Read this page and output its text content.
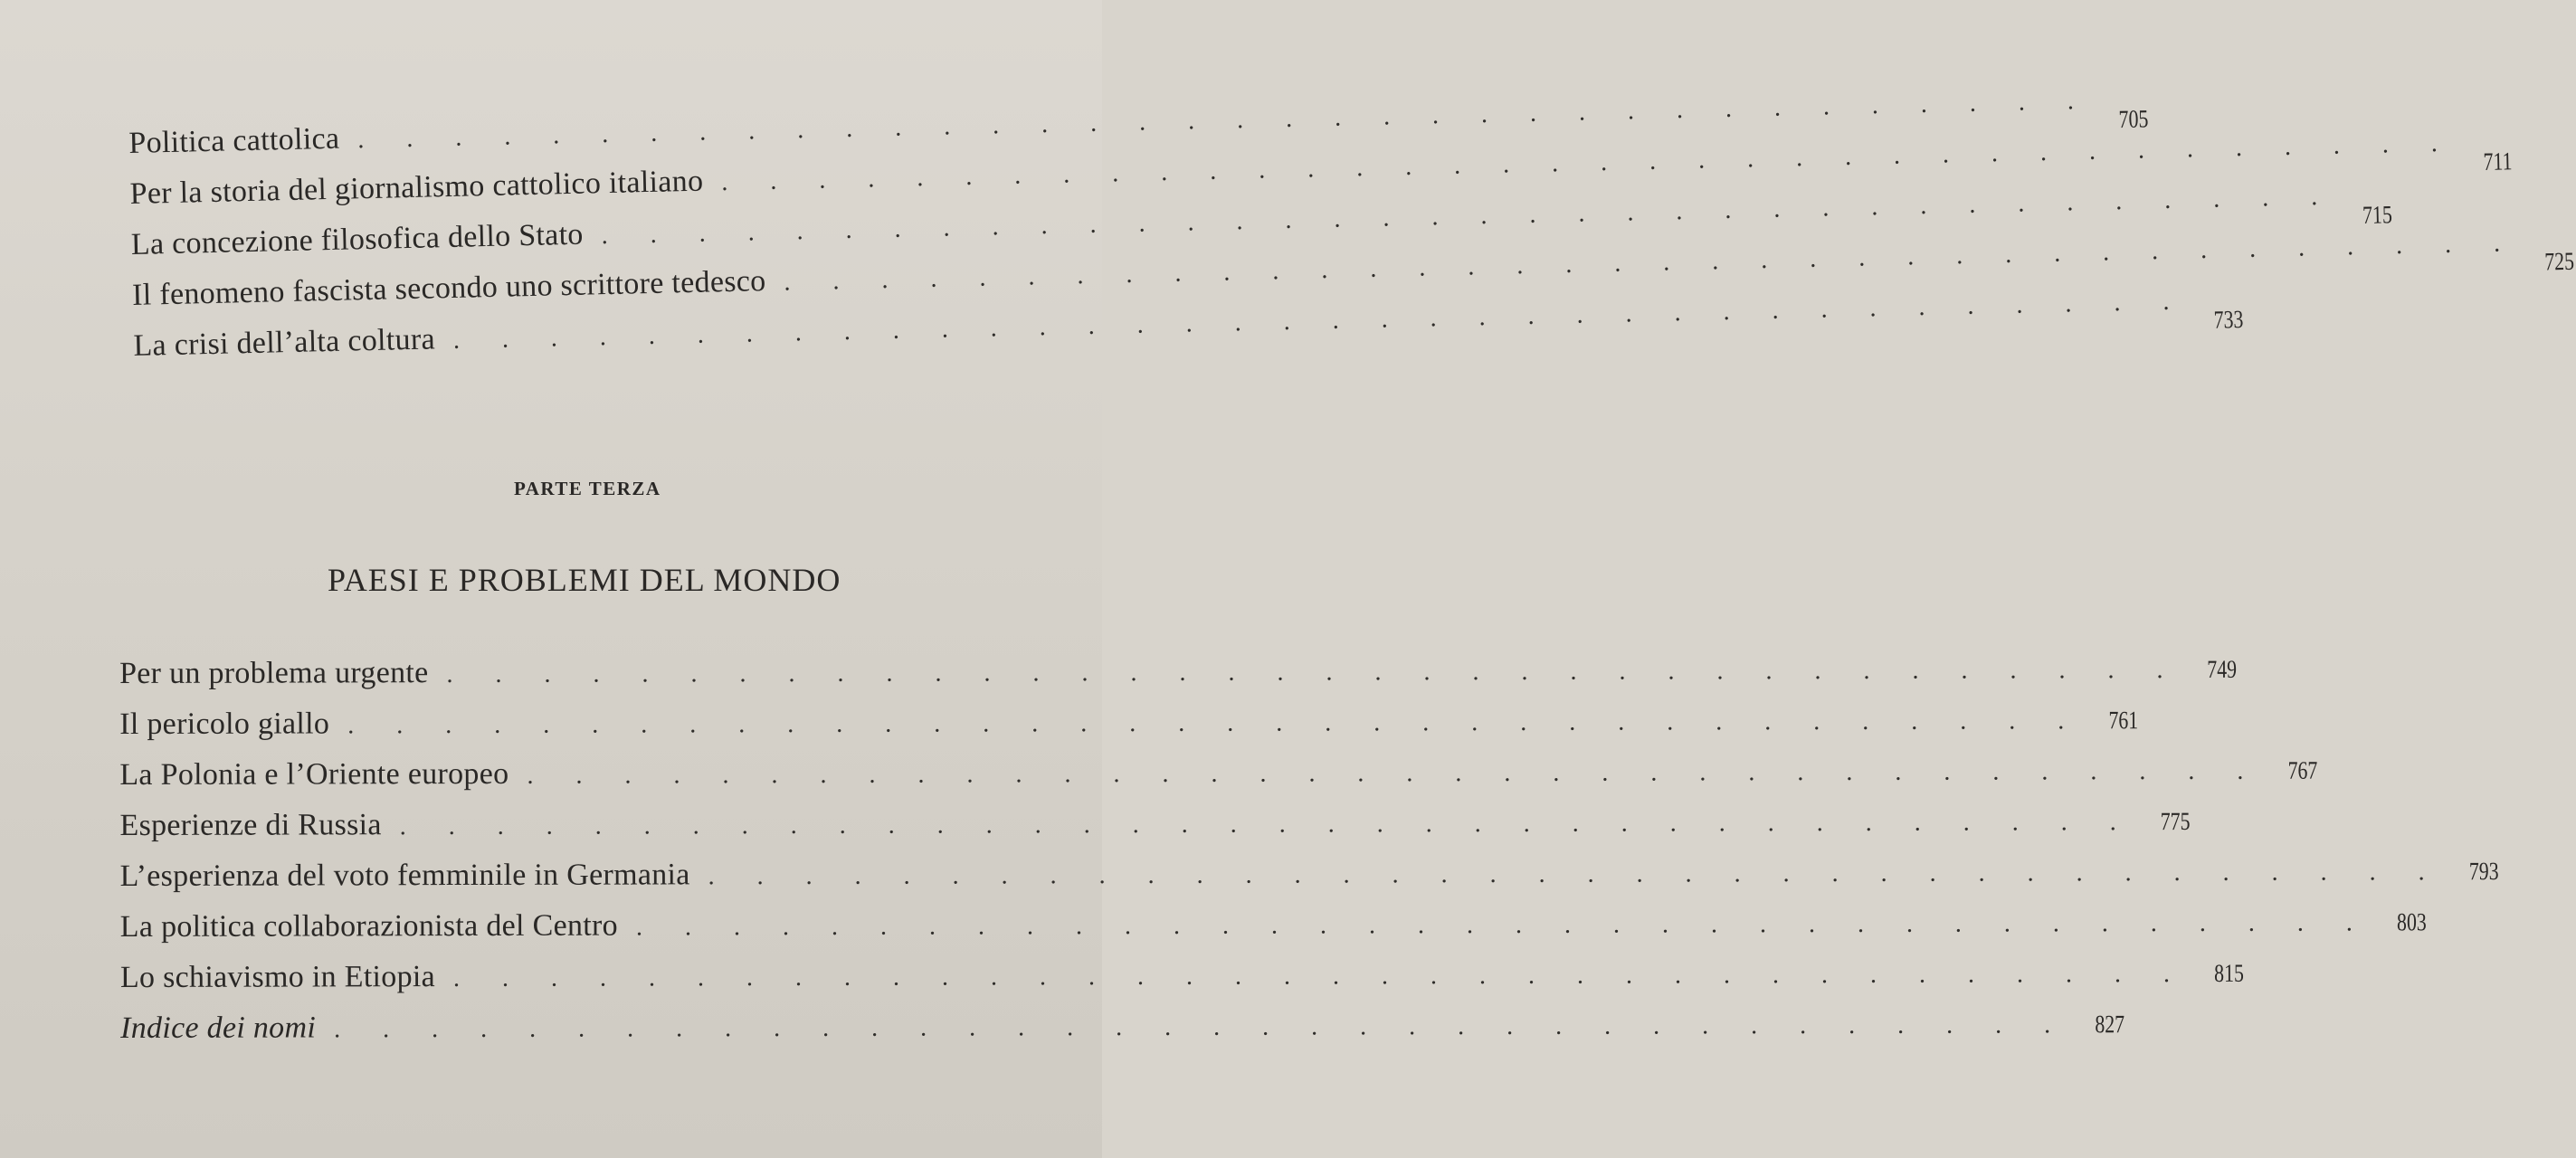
Politica cattolica . . . . . . . . . . . . . . . . . . . . . . . . . . . . . . . . . . . . 705
Per la storia del giornalismo cattolico italiano . . . . . . . . . . . . . . . . . . . . . . . . . . . . . . . . . . . . 711
La concezione filosofica dello Stato . . . . . . . . . . . . . . . . . . . . . . . . . . . . . . . . . . . . 715
Il fenomeno fascista secondo uno scrittore tedesco . . . . . . . . . . . . . . . . . . . . . . . . . . . . . . . . . . . . 725
La crisi dell’alta coltura . . . . . . . . . . . . . . . . . . . . . . . . . . . . . . . . . . . . 733
PARTE TERZA
PAESI E PROBLEMI DEL MONDO
Per un problema urgente . . . . . . . . . . . . . . . . . . . . . . . . . . . . . . . . . . . . 749
Il pericolo giallo . . . . . . . . . . . . . . . . . . . . . . . . . . . . . . . . . . . . 761
La Polonia e l’Oriente europeo . . . . . . . . . . . . . . . . . . . . . . . . . . . . . . . . . . . . 767
Esperienze di Russia . . . . . . . . . . . . . . . . . . . . . . . . . . . . . . . . . . . . 775
L’esperienza del voto femminile in Germania . . . . . . . . . . . . . . . . . . . . . . . . . . . . . . . . . . . . 793
La politica collaborazionista del Centro . . . . . . . . . . . . . . . . . . . . . . . . . . . . . . . . . . . . 803
Lo schiavismo in Etiopia . . . . . . . . . . . . . . . . . . . . . . . . . . . . . . . . . . . . 815
Indice dei nomi . . . . . . . . . . . . . . . . . . . . . . . . . . . . . . . . . . . . 827
